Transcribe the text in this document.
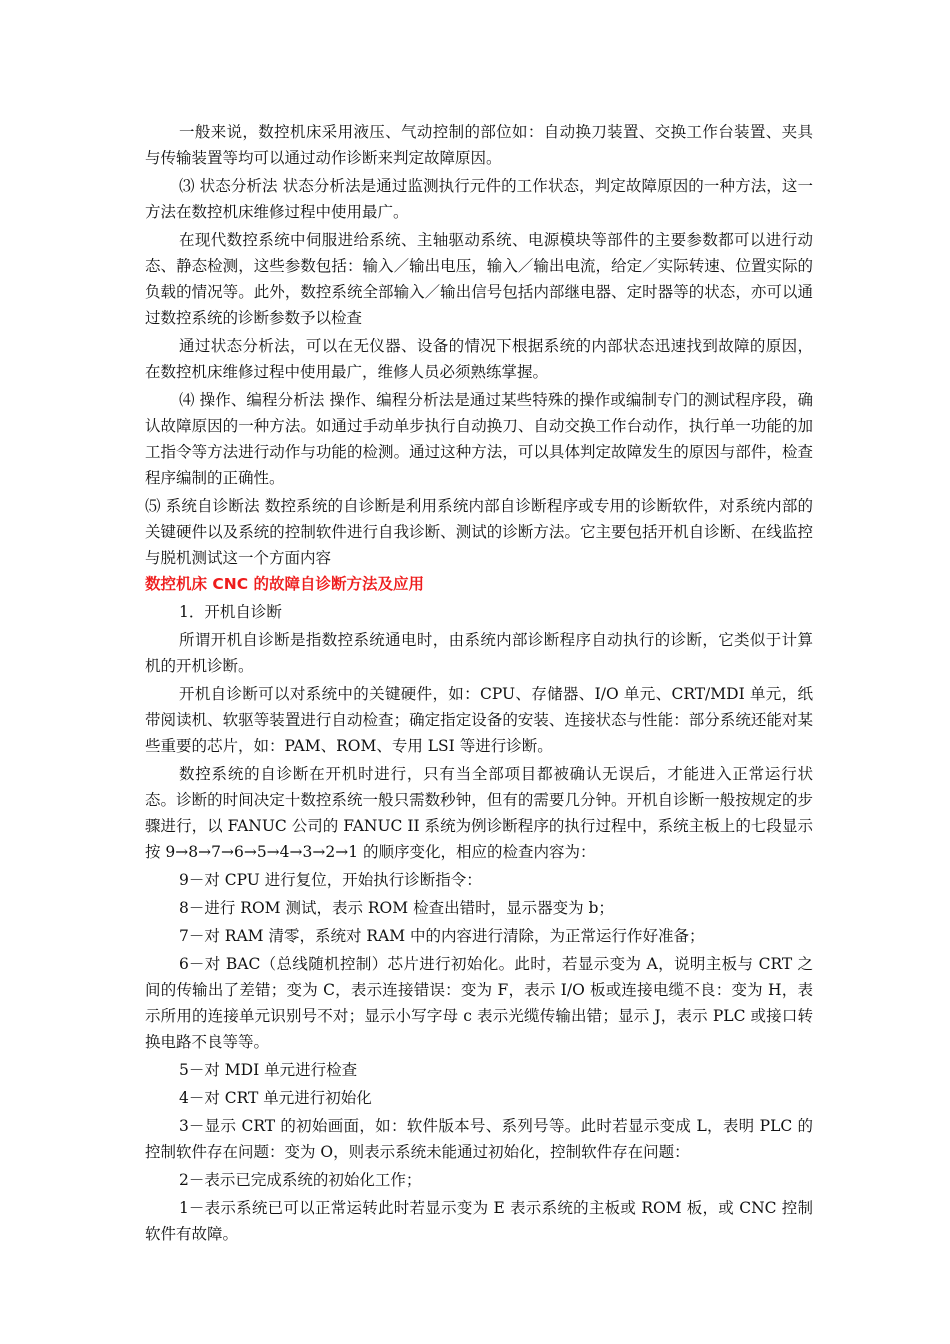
一般来说，数控机床采用液压、气动控制的部位如：自动换刀装置、交换工作台装置、夹具与传输装置等均可以通过动作诊断来判定故障原因。

⑶ 状态分析法 状态分析法是通过监测执行元件的工作状态，判定故障原因的一种方法，这一方法在数控机床维修过程中使用最广。

在现代数控系统中伺服进给系统、主轴驱动系统、电源模块等部件的主要参数都可以进行动态、静态检测，这些参数包括：输入／输出电压，输入／输出电流，给定／实际转速、位置实际的负载的情况等。此外，数控系统全部输入／输出信号包括内部继电器、定时器等的状态，亦可以通过数控系统的诊断参数予以检查

通过状态分析法，可以在无仪器、设备的情况下根据系统的内部状态迅速找到故障的原因，在数控机床维修过程中使用最广，维修人员必须熟练掌握。

⑷ 操作、编程分析法 操作、编程分析法是通过某些特殊的操作或编制专门的测试程序段，确认故障原因的一种方法。如通过手动单步执行自动换刀、自动交换工作台动作，执行单一功能的加工指令等方法进行动作与功能的检测。通过这种方法，可以具体判定故障发生的原因与部件，检查程序编制的正确性。

⑸ 系统自诊断法 数控系统的自诊断是利用系统内部自诊断程序或专用的诊断软件，对系统内部的关键硬件以及系统的控制软件进行自我诊断、测试的诊断方法。它主要包括开机自诊断、在线监控与脱机测试这一个方面内容

数控机床 CNC 的故障自诊断方法及应用

1．开机自诊断

所谓开机自诊断是指数控系统通电时，由系统内部诊断程序自动执行的诊断，它类似于计算机的开机诊断。

开机自诊断可以对系统中的关键硬件，如：CPU、存储器、I/O 单元、CRT/MDI 单元，纸带阅读机、软驱等装置进行自动检查；确定指定设备的安装、连接状态与性能：部分系统还能对某些重要的芯片，如：PAM、ROM、专用 LSI 等进行诊断。

数控系统的自诊断在开机时进行，只有当全部项目都被确认无误后，才能进入正常运行状态。诊断的时间决定十数控系统一般只需数秒钟，但有的需要几分钟。开机自诊断一般按规定的步骤进行，以 FANUC 公司的 FANUC II 系统为例诊断程序的执行过程中，系统主板上的七段显示按 9→8→7→6→5→4→3→2→1 的顺序变化，相应的检查内容为：

9－对 CPU 进行复位，开始执行诊断指令：

8－进行 ROM 测试，表示 ROM 检查出错时，显示器变为 b；

7－对 RAM 清零，系统对 RAM 中的内容进行清除，为正常运行作好准备；

6－对 BAC（总线随机控制）芯片进行初始化。此时，若显示变为 A，说明主板与 CRT 之间的传输出了差错；变为 C，表示连接错误：变为 F，表示 I/O 板或连接电缆不良：变为 H，表示所用的连接单元识别号不对；显示小写字母 c 表示光缆传输出错；显示 J，表示 PLC 或接口转换电路不良等等。

5－对 MDI 单元进行检查

4－对 CRT 单元进行初始化

3－显示 CRT 的初始画面，如：软件版本号、系列号等。此时若显示变成 L，表明 PLC 的控制软件存在问题：变为 O，则表示系统未能通过初始化，控制软件存在问题：

2－表示已完成系统的初始化工作；

1－表示系统已可以正常运转此时若显示变为 E 表示系统的主板或 ROM 板，或 CNC 控制软件有故障。
